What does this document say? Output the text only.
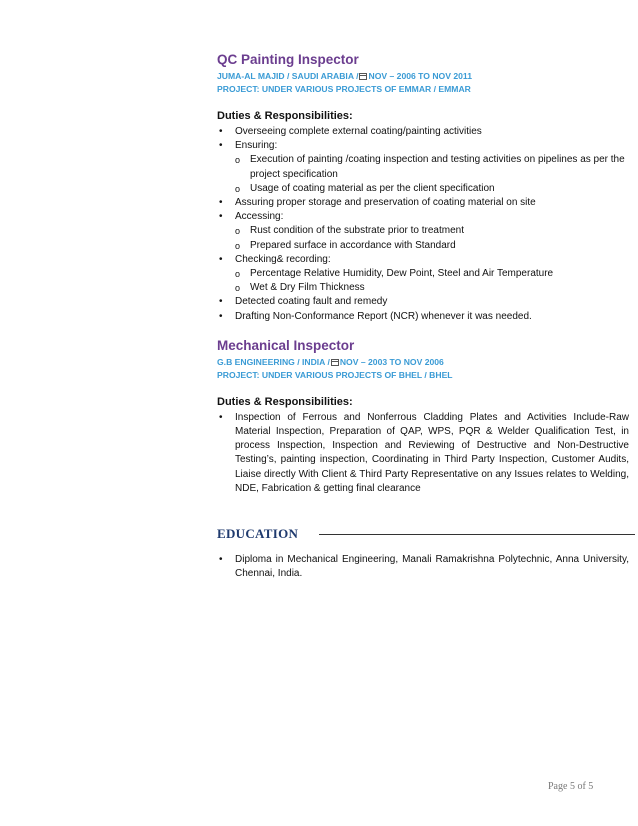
QC Painting Inspector
JUMA-AL MAJID / SAUDI ARABIA / NOV – 2006 TO NOV 2011
PROJECT: UNDER VARIOUS PROJECTS OF EMMAR / EMMAR
Duties & Responsibilities:
• Overseeing complete external coating/painting activities
• Ensuring:
o Execution of painting /coating inspection and testing activities on pipelines as per the project specification
o Usage of coating material as per the client specification
• Assuring proper storage and preservation of coating material on site
• Accessing:
o Rust condition of the substrate prior to treatment
o Prepared surface in accordance with Standard
• Checking& recording:
o Percentage Relative Humidity, Dew Point, Steel and Air Temperature
o Wet & Dry Film Thickness
• Detected coating fault and remedy
• Drafting Non-Conformance Report (NCR) whenever it was needed.
Mechanical Inspector
G.B ENGINEERING / INDIA / NOV – 2003 TO NOV 2006
PROJECT: UNDER VARIOUS PROJECTS OF BHEL / BHEL
Duties & Responsibilities:
• Inspection of Ferrous and Nonferrous Cladding Plates and Activities Include-Raw Material Inspection, Preparation of QAP, WPS, PQR & Welder Qualification Test, in process Inspection, Inspection and Reviewing of Destructive and Non-Destructive Testing’s, painting inspection, Coordinating in Third Party Inspection, Customer Audits, Liaise directly With Client & Third Party Representative on any Issues relates to Welding, NDE, Fabrication & getting final clearance
EDUCATION
• Diploma in Mechanical Engineering, Manali Ramakrishna Polytechnic, Anna University, Chennai, India.
Page 5 of 5
